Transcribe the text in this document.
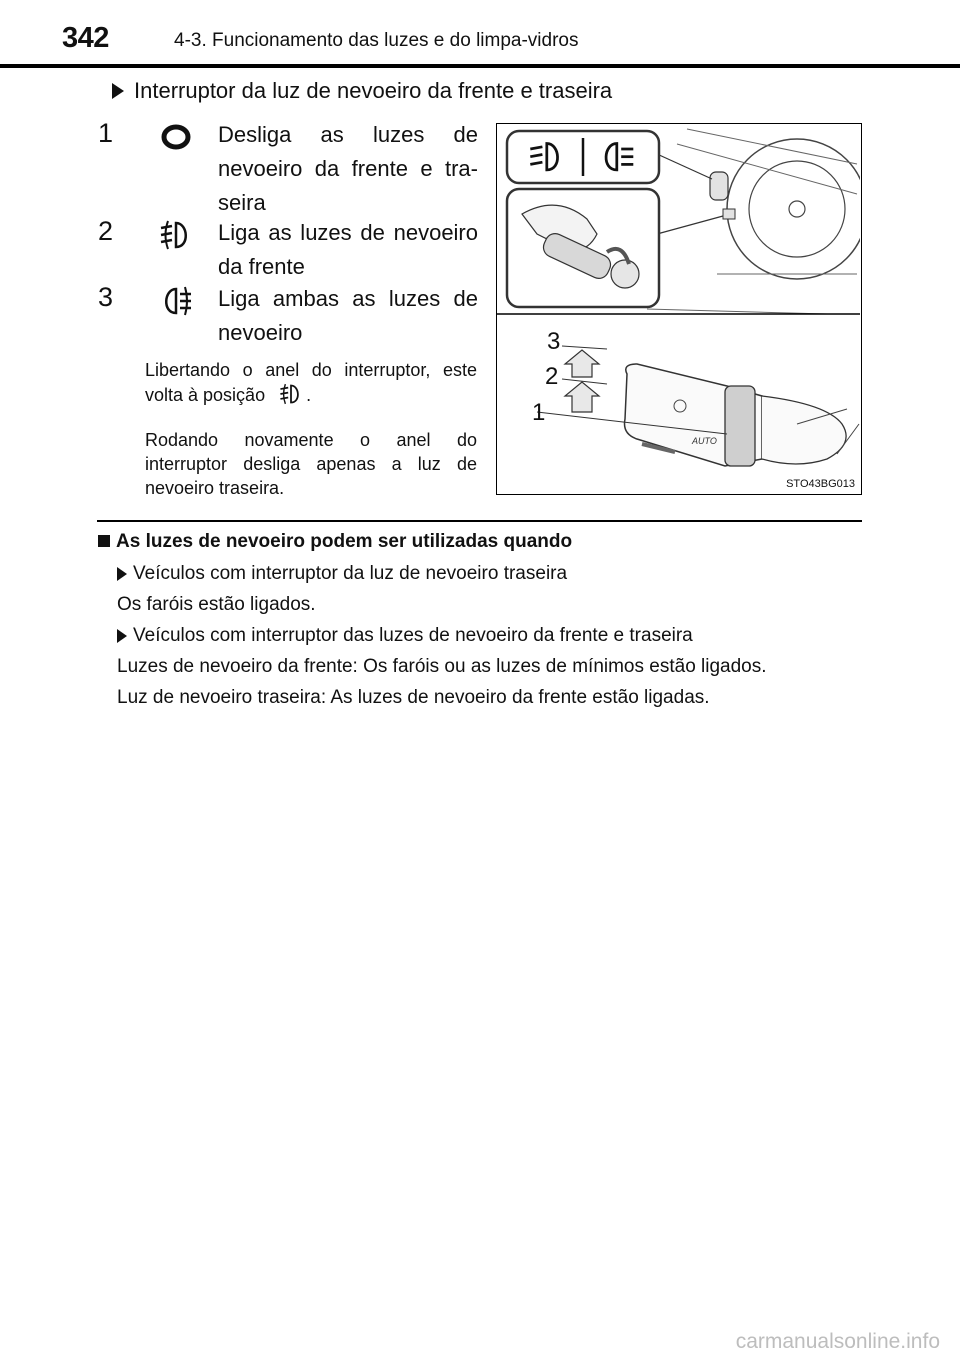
342	4-3. Funcionamento das luzes e do limpa-vidros
Interruptor da luz de nevoeiro da frente e traseira
1	Desliga as luzes de nevoeiro da frente e tra-seira
2	Liga as luzes de nevoeiro da frente
3	Liga ambas as luzes de nevoeiro
Libertando o anel do interruptor, este volta à posição .
Rodando novamente o anel do interruptor desliga apenas a luz de nevoeiro traseira.
AUTO
1
2
3
STO43BG013
As luzes de nevoeiro podem ser utilizadas quando
Veículos com interruptor da luz de nevoeiro traseira
Os faróis estão ligados.
Veículos com interruptor das luzes de nevoeiro da frente e traseira
Luzes de nevoeiro da frente: Os faróis ou as luzes de mínimos estão ligados.
Luz de nevoeiro traseira: As luzes de nevoeiro da frente estão ligadas.
carmanualsonline.info
